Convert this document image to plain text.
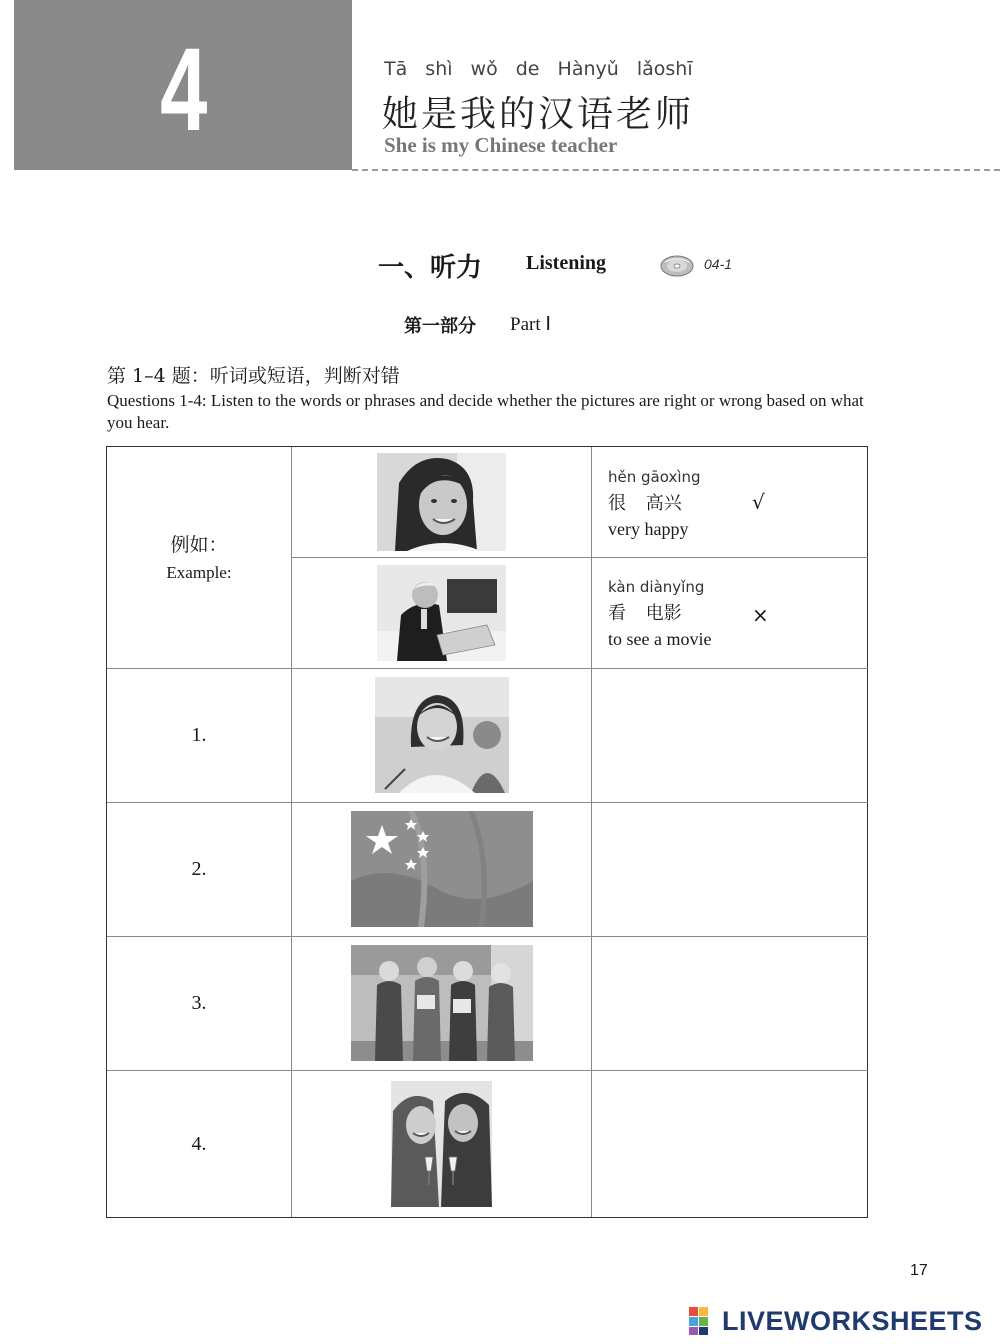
4	Tā shì wǒ de Hànyǔ lǎoshī
她是我的汉语老师
She is my Chinese teacher
一、听力 Listening	04-1
第一部分 Part Ⅰ
第 1–4 题：听词或短语，判断对错
Questions 1-4: Listen to the words or phrases and decide whether the pictures are right or wrong based on what you hear.
例如：
Example:
hěn gāoxìng
很 高兴
very happy
√
kàn diànyǐng
看 电影
to see a movie
×
1.
2.
3.
4.
17
LIVEWORKSHEETS
